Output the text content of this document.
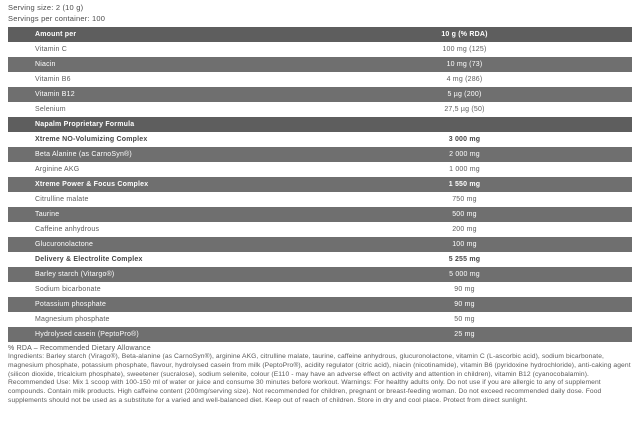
Serving size: 2 (10 g)
Servings per container: 100
Amount per	10 g (% RDA)
Vitamin C	100 mg (125)
Niacin	10 mg (73)
Vitamin B6	4 mg (286)
Vitamin B12	5 µg (200)
Selenium	27,5 µg (50)
Napalm Proprietary Formula
Xtreme NO-Volumizing Complex	3 000 mg
Beta Alanine (as CarnoSyn®)	2 000 mg
Arginine AKG	1 000 mg
Xtreme Power & Focus Complex	1 550 mg
Citrulline malate	750 mg
Taurine	500 mg
Caffeine anhydrous	200 mg
Glucuronolactone	100 mg
Delivery & Electrolite Complex	5 255 mg
Barley starch (Vitargo®)	5 000 mg
Sodium bicarbonate	90 mg
Potassium phosphate	90 mg
Magnesium phosphate	50 mg
Hydrolysed casein (PeptoPro®)	25 mg
% RDA – Recommended Dietary Allowance

Ingredients: Barley starch (Virago®), Beta-alanine (as CarnoSyn®), arginine AKG, citrulline malate, taurine, caffeine anhydrous, glucuronolactone, vitamin C (L-ascorbic acid), sodium bicarbonate, magnesium phosphate, potassium phosphate, flavour, hydrolysed casein from milk (PeptoPro®), acidity regulator (citric acid), niacin (nicotinamide), vitamin B6 (pyridoxine hydrochloride), anti-caking agent (silicon dioxide, tricalcium phosphate), sweetener (sucralose), sodium selenite, colour (E110 - may have an adverse effect on activity and attention in children), vitamin B12 (cyanocobalamin). Recommended Use: Mix 1 scoop with 100-150 ml of water or juice and consume 30 minutes before workout. Warnings: For healthy adults only. Do not use if you are allergic to any of supplement compounds. Contain milk products. High caffeine content (200mg/serving size). Not recommended for children, pregnant or breast-feeding woman. Do not exceed recommended daily dose. Food supplements should not be used as a substitute for a varied and well-balanced diet. Keep out of reach of children. Store in dry and cool place. Protect from direct sunlight.
